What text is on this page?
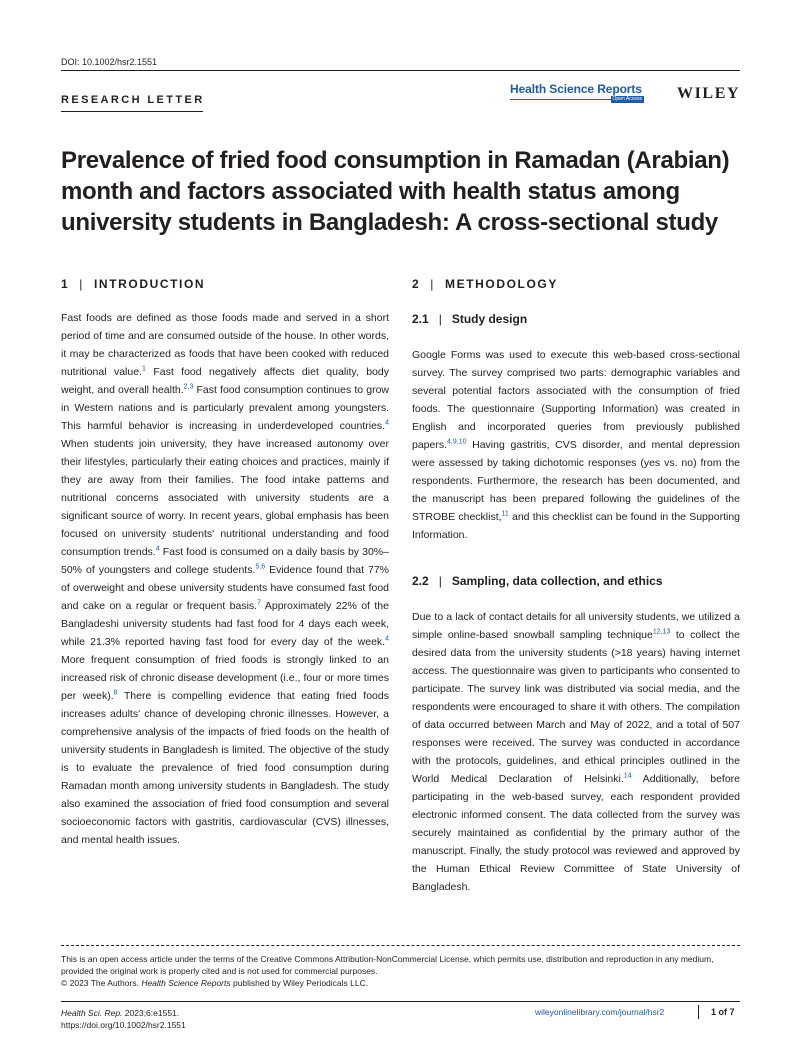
DOI: 10.1002/hsr2.1551
RESEARCH LETTER
Health Science Reports
Open Access WILEY
Prevalence of fried food consumption in Ramadan (Arabian) month and factors associated with health status among university students in Bangladesh: A cross-sectional study
1 | INTRODUCTION

Fast foods are defined as those foods made and served in a short period of time and are consumed outside of the house. In other words, it may be characterized as foods that have been cooked with reduced nutritional value.$^1$ Fast food negatively affects diet quality, body weight, and overall health.$^{2,3}$ Fast food consumption continues to grow in Western nations and is particularly prevalent among youngsters. This harmful behavior is increasing in underdeveloped countries.$^4$ When students join university, they have increased autonomy over their lifestyles, particularly their eating choices and practices, mainly if they are away from their families. The food intake patterns and nutritional concerns associated with university students are a significant source of worry. In recent years, global emphasis has been focused on university students' nutritional understanding and food consumption trends.$^4$ Fast food is consumed on a daily basis by 30%–50% of youngsters and college students.$^{5,6}$ Evidence found that 77% of overweight and obese university students have consumed fast food and cake on a regular or frequent basis.$^7$ Approximately 22% of the Bangladeshi university students had fast food for 4 days each week, while 21.3% reported having fast food for every day of the week.$^4$ More frequent consumption of fried foods is strongly linked to an increased risk of chronic disease development (i.e., four or more times per week).$^8$ There is compelling evidence that eating fried foods increases adults' chance of developing chronic illnesses. However, a comprehensive analysis of the impacts of fried foods on the health of university students in Bangladesh is limited. The objective of the study is to evaluate the prevalence of fried food consumption during Ramadan month among university students in Bangladesh. The study also examined the association of fried food consumption and several socioeconomic factors with gastritis, cardiovascular (CVS) illnesses, and mental health issues.

2 | METHODOLOGY
2.1 | Study design

Google Forms was used to execute this web-based cross-sectional survey. The survey comprised two parts: demographic variables and several potential factors associated with the consumption of fried foods. The questionnaire (Supporting Information) was created in English and incorporated queries from previously published papers.$^{4,9,10}$ Having gastritis, CVS disorder, and mental depression were assessed by taking dichotomic responses (yes vs. no) from the respondents. Furthermore, the research has been documented, and the manuscript has been prepared following the guidelines of the STROBE checklist,$^{11}$ and this checklist can be found in the Supporting Information.

2.2 | Sampling, data collection, and ethics

Due to a lack of contact details for all university students, we utilized a simple online-based snowball sampling technique$^{12,13}$ to collect the desired data from the university students (>18 years) having internet access. The questionnaire was given to participants who consented to participate. The survey link was distributed via social media, and the respondents were encouraged to share it with others. The compilation of data occurred between March and May of 2022, and a total of 507 responses were received. The survey was conducted in accordance with the protocols, guidelines, and ethical principles outlined in the World Medical Declaration of Helsinki.$^{14}$ Additionally, before participating in the web-based survey, each respondent provided electronic informed consent. The data collected from the survey was securely maintained as confidential by the primary author of the manuscript. Finally, the study protocol was reviewed and approved by the Human Ethical Review Committee of State University of Bangladesh.

This is an open access article under the terms of the Creative Commons Attribution-NonCommercial License, which permits use, distribution and reproduction in any medium, provided the original work is properly cited and is not used for commercial purposes.
© 2023 The Authors. Health Science Reports published by Wiley Periodicals LLC.

Health Sci. Rep. 2023;6:e1551.
https://doi.org/10.1002/hsr2.1551
wileyonlinelibrary.com/journal/hsr2	1 of 7
